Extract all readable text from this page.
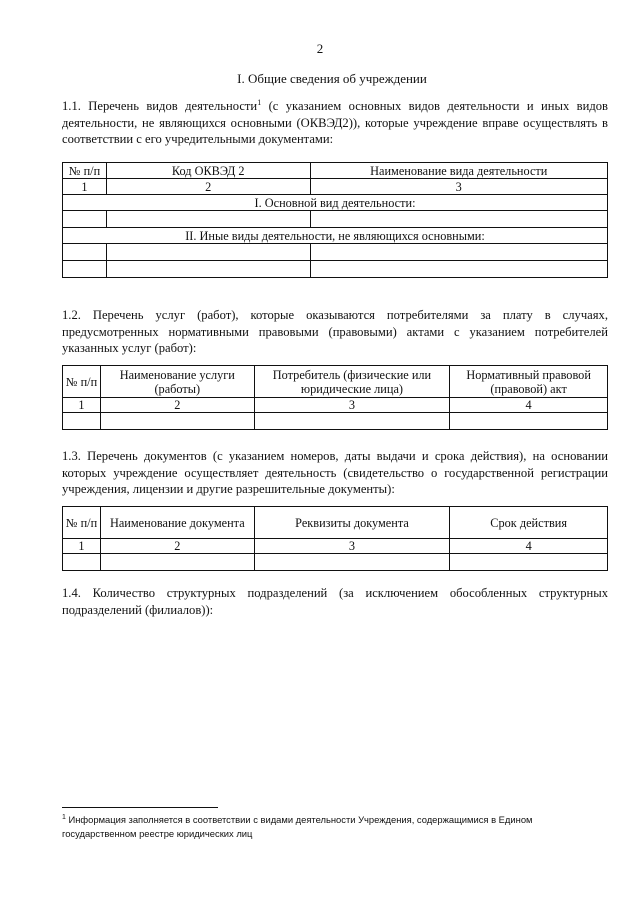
2
I. Общие сведения об учреждении
1.1. Перечень видов деятельности$^1$ (с указанием основных видов деятельности и иных видов деятельности, не являющихся основными (ОКВЭД2)), которые учреждение вправе осуществлять в соответствии с его учредительными документами:
№ п/п	Код ОКВЭД 2	Наименование вида деятельности
1	2	3
I. Основной вид деятельности:		

II. Иные виды деятельности, не являющихся основными:		

1.2. Перечень услуг (работ), которые оказываются потребителями за плату в случаях, предусмотренных нормативными правовыми (правовыми) актами с указанием потребителей указанных услуг (работ):
№ п/п	Наименование услуги (работы)	Потребитель (физические или юридические лица)	Нормативный правовой (правовой) акт
1	2	3	4

1.3. Перечень документов (с указанием номеров, даты выдачи и срока действия), на основании которых учреждение осуществляет деятельность (свидетельство о государственной регистрации учреждения, лицензии и другие разрешительные документы):
№ п/п	Наименование документа	Реквизиты документа	Срок действия
1	2	3	4

1.4. Количество структурных подразделений (за исключением обособленных структурных подразделений (филиалов)):
$^1$ Информация заполняется в соответствии с видами деятельности Учреждения, содержащимися в Едином государственном реестре юридических лиц
